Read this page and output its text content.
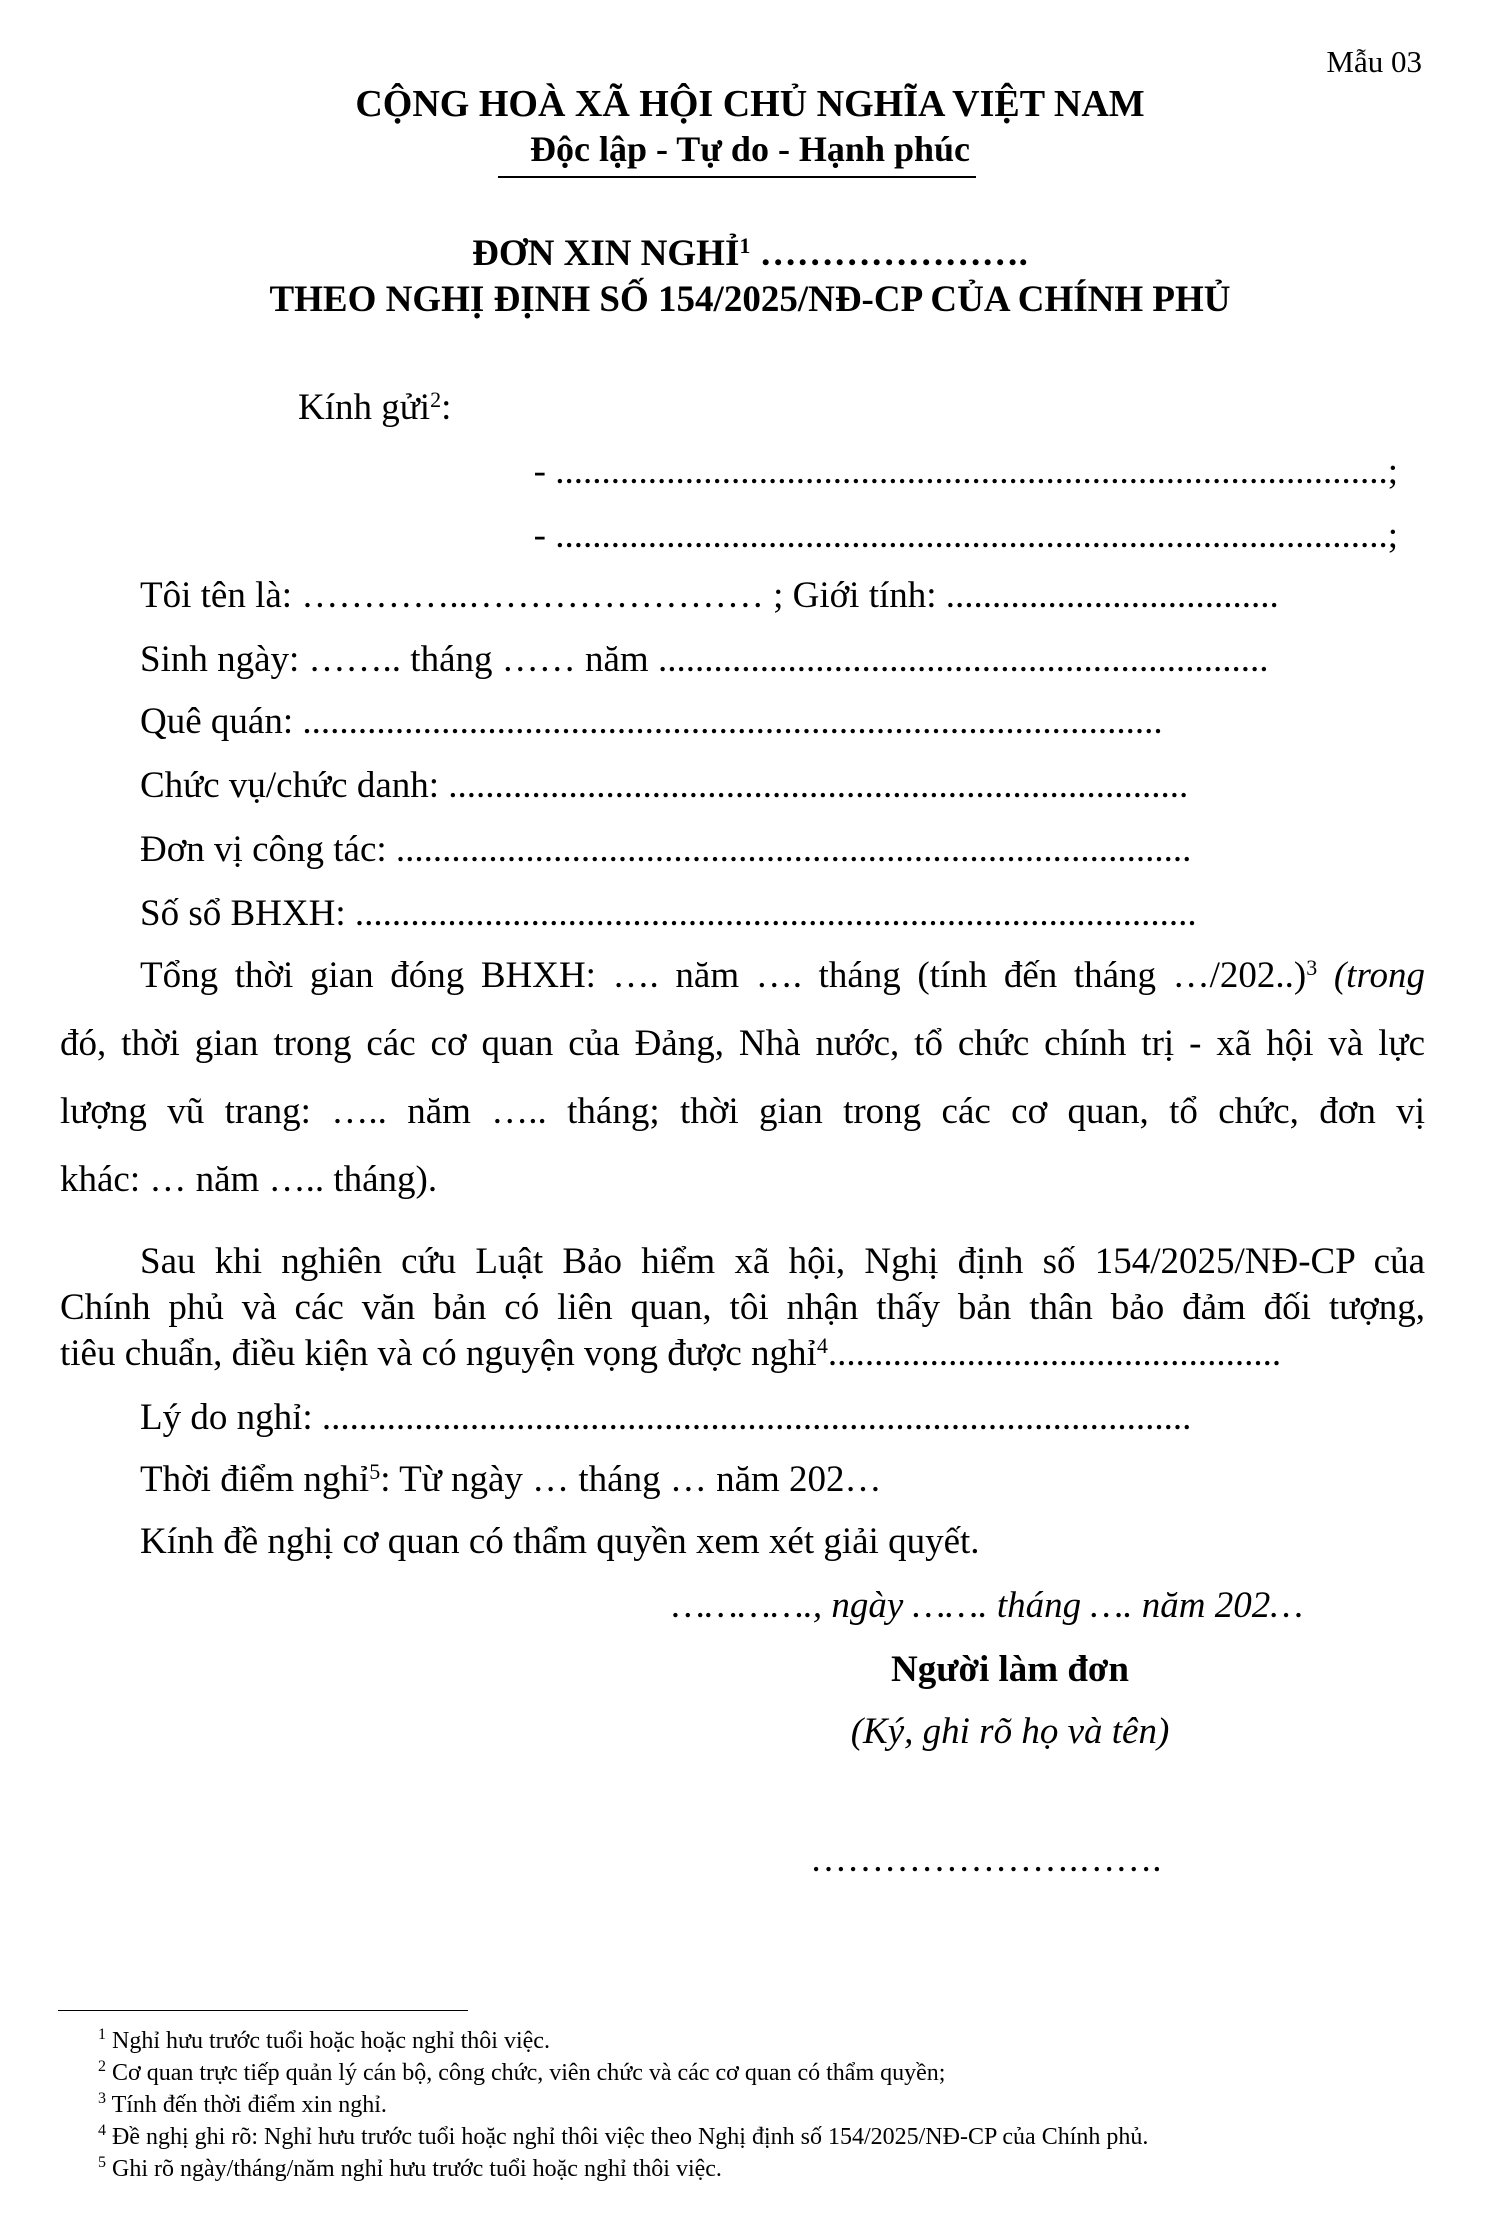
Mẫu 03
CỘNG HOÀ XÃ HỘI CHỦ NGHĨA VIỆT NAM
Độc lập - Tự do - Hạnh phúc
ĐƠN XIN NGHỈ$^1$ ………………….
THEO NGHỊ ĐỊNH SỐ 154/2025/NĐ-CP CỦA CHÍNH PHỦ
Kính gửi$^2$:
- ..........................................................................................;
- ..........................................................................................;
Tôi tên là: …………..…………………… ; Giới tính: ....................................
Sinh ngày: …….. tháng …… năm ..................................................................
Quê quán: .............................................................................................
Chức vụ/chức danh: ................................................................................
Đơn vị công tác: ......................................................................................
Số sổ BHXH: ...........................................................................................
Tổng thời gian đóng BHXH: …. năm …. tháng (tính đến tháng …/202..)$^3$ (trong
đó, thời gian trong các cơ quan của Đảng, Nhà nước, tổ chức chính trị - xã hội và lực
lượng vũ trang: ….. năm ….. tháng; thời gian trong các cơ quan, tổ chức, đơn vị
khác: … năm ….. tháng).
Sau khi nghiên cứu Luật Bảo hiểm xã hội, Nghị định số 154/2025/NĐ-CP của
Chính phủ và các văn bản có liên quan, tôi nhận thấy bản thân bảo đảm đối tượng,
tiêu chuẩn, điều kiện và có nguyện vọng được nghỉ$^4$.................................................
Lý do nghỉ: ..............................................................................................
Thời điểm nghỉ$^5$: Từ ngày … tháng … năm 202…
Kính đề nghị cơ quan có thẩm quyền xem xét giải quyết.
…………., ngày ……. tháng …. năm 202…
Người làm đơn
(Ký, ghi rõ họ và tên)
………………….…….
$^1$ Nghỉ hưu trước tuổi hoặc hoặc nghỉ thôi việc.
$^2$ Cơ quan trực tiếp quản lý cán bộ, công chức, viên chức và các cơ quan có thẩm quyền;
$^3$ Tính đến thời điểm xin nghỉ.
$^4$ Đề nghị ghi rõ: Nghỉ hưu trước tuổi hoặc nghỉ thôi việc theo Nghị định số 154/2025/NĐ-CP của Chính phủ.
$^5$ Ghi rõ ngày/tháng/năm nghỉ hưu trước tuổi hoặc nghỉ thôi việc.
